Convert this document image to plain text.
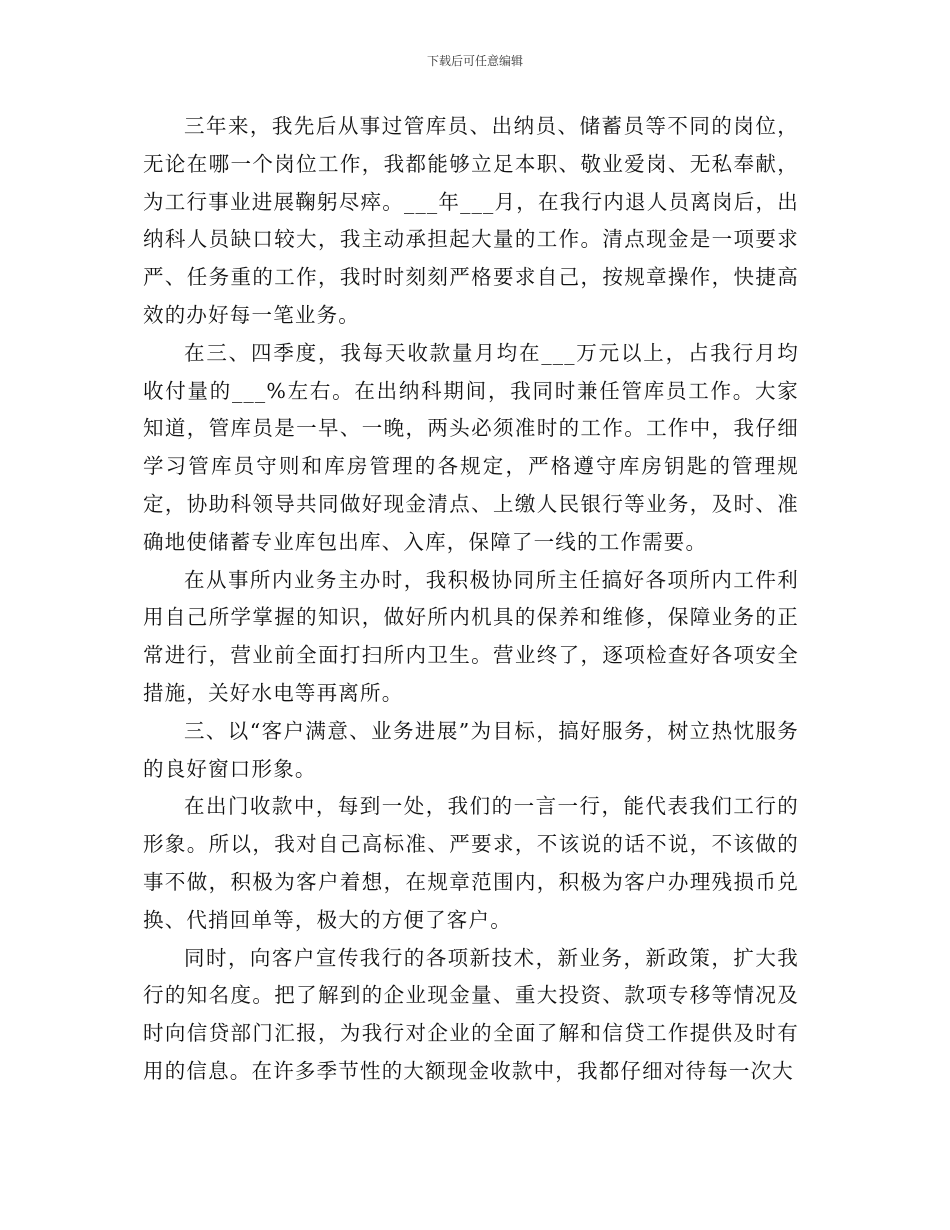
下载后可任意编辑

三年来，我先后从事过管库员、出纳员、储蓄员等不同的岗位，无论在哪一个岗位工作，我都能够立足本职、敬业爱岗、无私奉献，为工行事业进展鞠躬尽瘁。___年___月，在我行内退人员离岗后，出纳科人员缺口较大，我主动承担起大量的工作。清点现金是一项要求严、任务重的工作，我时时刻刻严格要求自己，按规章操作，快捷高效的办好每一笔业务。

在三、四季度，我每天收款量月均在___万元以上，占我行月均收付量的___%左右。在出纳科期间，我同时兼任管库员工作。大家知道，管库员是一早、一晚，两头必须准时的工作。工作中，我仔细学习管库员守则和库房管理的各规定，严格遵守库房钥匙的管理规定，协助科领导共同做好现金清点、上缴人民银行等业务，及时、准确地使储蓄专业库包出库、入库，保障了一线的工作需要。

在从事所内业务主办时，我积极协同所主任搞好各项所内工件利用自己所学掌握的知识，做好所内机具的保养和维修，保障业务的正常进行，营业前全面打扫所内卫生。营业终了，逐项检查好各项安全措施，关好水电等再离所。

三、以“客户满意、业务进展”为目标，搞好服务，树立热忱服务的良好窗口形象。

在出门收款中，每到一处，我们的一言一行，能代表我们工行的形象。所以，我对自己高标准、严要求，不该说的话不说，不该做的事不做，积极为客户着想，在规章范围内，积极为客户办理残损币兑换、代捎回单等，极大的方便了客户。

同时，向客户宣传我行的各项新技术，新业务，新政策，扩大我行的知名度。把了解到的企业现金量、重大投资、款项专移等情况及时向信贷部门汇报，为我行对企业的全面了解和信贷工作提供及时有用的信息。在许多季节性的大额现金收款中，我都仔细对待每一次大
